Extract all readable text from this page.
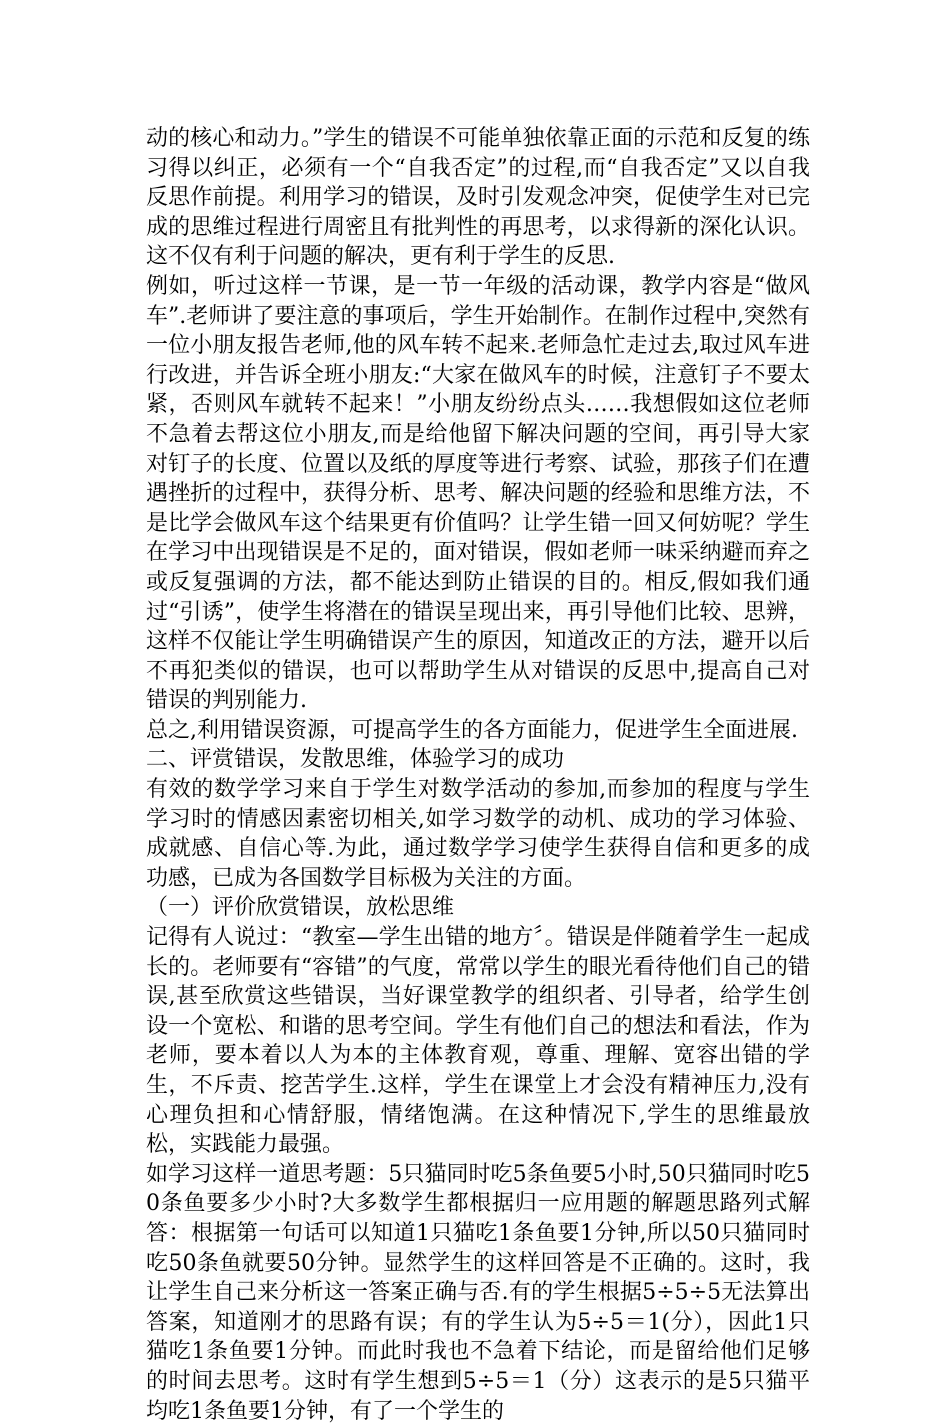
动的核心和动力。”学生的错误不可能单独依靠正面的示范和反复的练习得以纠正，必须有一个“自我否定”的过程,而“自我否定”又以自我反思作前提。利用学习的错误，及时引发观念冲突，促使学生对已完成的思维过程进行周密且有批判性的再思考，以求得新的深化认识。这不仅有利于问题的解决，更有利于学生的反思.

例如，听过这样一节课，是一节一年级的活动课，教学内容是“做风车”.老师讲了要注意的事项后，学生开始制作。在制作过程中,突然有一位小朋友报告老师,他的风车转不起来.老师急忙走过去,取过风车进行改进，并告诉全班小朋友:“大家在做风车的时候，注意钉子不要太紧，否则风车就转不起来！”小朋友纷纷点头……我想假如这位老师不急着去帮这位小朋友,而是给他留下解决问题的空间，再引导大家对钉子的长度、位置以及纸的厚度等进行考察、试验，那孩子们在遭遇挫折的过程中，获得分析、思考、解决问题的经验和思维方法，不是比学会做风车这个结果更有价值吗？让学生错一回又何妨呢？学生在学习中出现错误是不足的，面对错误，假如老师一味采纳避而弃之或反复强调的方法，都不能达到防止错误的目的。相反,假如我们通过“引诱”，使学生将潜在的错误呈现出来，再引导他们比较、思辨，这样不仅能让学生明确错误产生的原因，知道改正的方法，避开以后不再犯类似的错误，也可以帮助学生从对错误的反思中,提高自己对错误的判别能力.

总之,利用错误资源，可提高学生的各方面能力，促进学生全面进展.

二、评赏错误，发散思维，体验学习的成功

有效的数学学习来自于学生对数学活动的参加,而参加的程度与学生学习时的情感因素密切相关,如学习数学的动机、成功的学习体验、成就感、自信心等.为此，通过数学学习使学生获得自信和更多的成功感，已成为各国数学目标极为关注的方面。

（一）评价欣赏错误，放松思维

记得有人说过：“教室—学生出错的地方〞。错误是伴随着学生一起成长的。老师要有“容错”的气度，常常以学生的眼光看待他们自己的错误,甚至欣赏这些错误，当好课堂教学的组织者、引导者，给学生创设一个宽松、和谐的思考空间。学生有他们自己的想法和看法，作为老师，要本着以人为本的主体教育观，尊重、理解、宽容出错的学生，不斥责、挖苦学生.这样，学生在课堂上才会没有精神压力,没有心理负担和心情舒服，情绪饱满。在这种情况下,学生的思维最放松，实践能力最强。

如学习这样一道思考题：5只猫同时吃5条鱼要5小时,50只猫同时吃50条鱼要多少小时?大多数学生都根据归一应用题的解题思路列式解答：根据第一句话可以知道1只猫吃1条鱼要1分钟,所以50只猫同时吃50条鱼就要50分钟。显然学生的这样回答是不正确的。这时，我让学生自己来分析这一答案正确与否.有的学生根据5÷5÷5无法算出答案，知道刚才的思路有误；有的学生认为5÷5＝1(分），因此1只猫吃1条鱼要1分钟。而此时我也不急着下结论，而是留给他们足够的时间去思考。这时有学生想到5÷5＝1（分）这表示的是5只猫平均吃1条鱼要1分钟，有了一个学生的
